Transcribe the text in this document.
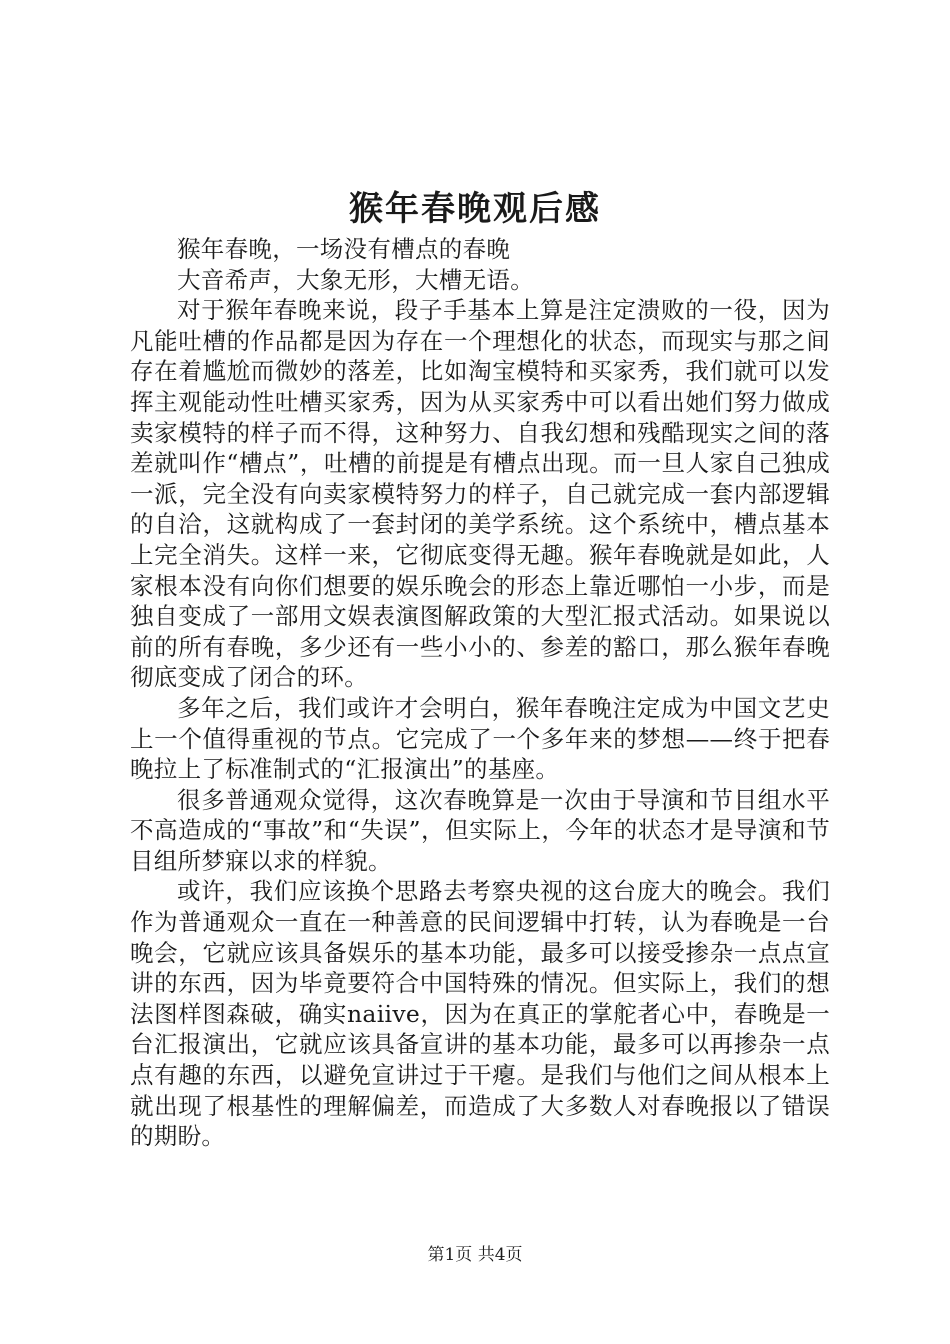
猴年春晚观后感

猴年春晚，一场没有槽点的春晚

大音希声，大象无形，大槽无语。

对于猴年春晚来说，段子手基本上算是注定溃败的一役，因为凡能吐槽的作品都是因为存在一个理想化的状态，而现实与那之间存在着尴尬而微妙的落差，比如淘宝模特和买家秀，我们就可以发挥主观能动性吐槽买家秀，因为从买家秀中可以看出她们努力做成卖家模特的样子而不得，这种努力、自我幻想和残酷现实之间的落差就叫作“槽点”，吐槽的前提是有槽点出现。而一旦人家自己独成一派，完全没有向卖家模特努力的样子，自己就完成一套内部逻辑的自洽，这就构成了一套封闭的美学系统。这个系统中，槽点基本上完全消失。这样一来，它彻底变得无趣。猴年春晚就是如此，人家根本没有向你们想要的娱乐晚会的形态上靠近哪怕一小步，而是独自变成了一部用文娱表演图解政策的大型汇报式活动。如果说以前的所有春晚，多少还有一些小小的、参差的豁口，那么猴年春晚彻底变成了闭合的环。

多年之后，我们或许才会明白，猴年春晚注定成为中国文艺史上一个值得重视的节点。它完成了一个多年来的梦想——终于把春晚拉上了标准制式的“汇报演出”的基座。

很多普通观众觉得，这次春晚算是一次由于导演和节目组水平不高造成的“事故”和“失误”，但实际上，今年的状态才是导演和节目组所梦寐以求的样貌。

或许，我们应该换个思路去考察央视的这台庞大的晚会。我们作为普通观众一直在一种善意的民间逻辑中打转，认为春晚是一台晚会，它就应该具备娱乐的基本功能，最多可以接受掺杂一点点宣讲的东西，因为毕竟要符合中国特殊的情况。但实际上，我们的想法图样图森破，确实naiive，因为在真正的掌舵者心中，春晚是一台汇报演出，它就应该具备宣讲的基本功能，最多可以再掺杂一点点有趣的东西，以避免宣讲过于干瘪。是我们与他们之间从根本上就出现了根基性的理解偏差，而造成了大多数人对春晚报以了错误的期盼。

第1页 共4页
